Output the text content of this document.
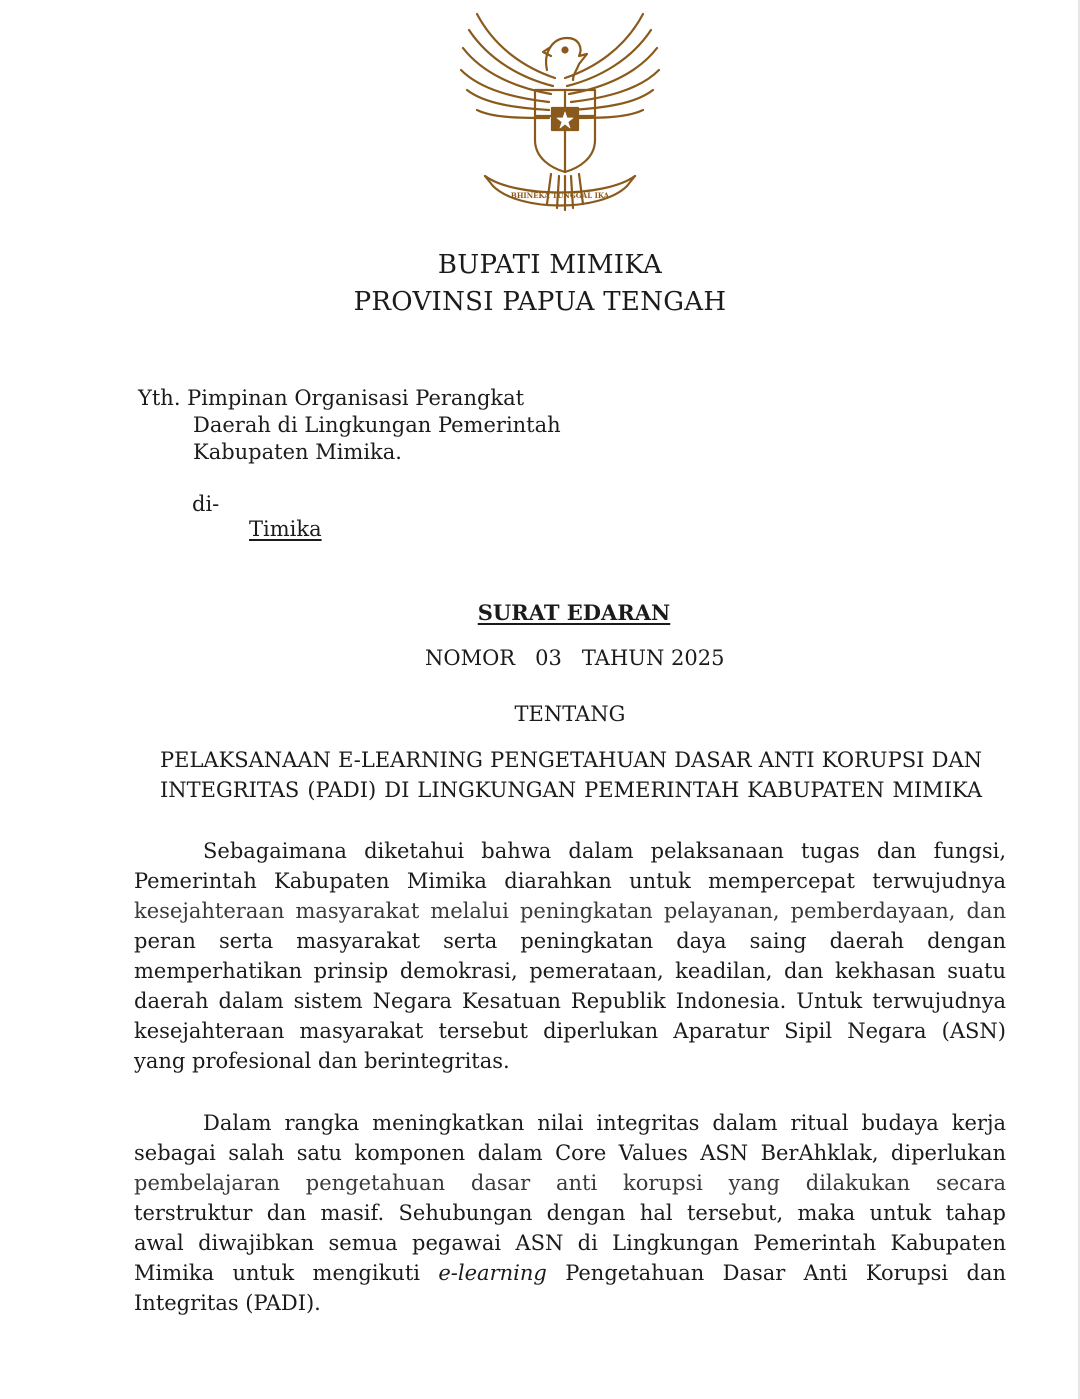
BHINEKA TUNGGAL IKA
BUPATI MIMIKA
PROVINSI PAPUA TENGAH
Yth. Pimpinan Organisasi Perangkat
Daerah di Lingkungan Pemerintah
Kabupaten Mimika.
di-
Timika
SURAT EDARAN
NOMOR 03 TAHUN 2025
TENTANG
PELAKSANAAN E-LEARNING PENGETAHUAN DASAR ANTI KORUPSI DAN
INTEGRITAS (PADI) DI LINGKUNGAN PEMERINTAH KABUPATEN MIMIKA
Sebagaimana diketahui bahwa dalam pelaksanaan tugas dan fungsi,
Pemerintah Kabupaten Mimika diarahkan untuk mempercepat terwujudnya
kesejahteraan masyarakat melalui peningkatan pelayanan, pemberdayaan, dan
peran serta masyarakat serta peningkatan daya saing daerah dengan
memperhatikan prinsip demokrasi, pemerataan, keadilan, dan kekhasan suatu
daerah dalam sistem Negara Kesatuan Republik Indonesia. Untuk terwujudnya
kesejahteraan masyarakat tersebut diperlukan Aparatur Sipil Negara (ASN)
yang profesional dan berintegritas.
Dalam rangka meningkatkan nilai integritas dalam ritual budaya kerja
sebagai salah satu komponen dalam Core Values ASN BerAhklak, diperlukan
pembelajaran pengetahuan dasar anti korupsi yang dilakukan secara
terstruktur dan masif. Sehubungan dengan hal tersebut, maka untuk tahap
awal diwajibkan semua pegawai ASN di Lingkungan Pemerintah Kabupaten
Mimika untuk mengikuti e-learning Pengetahuan Dasar Anti Korupsi dan
Integritas (PADI).
